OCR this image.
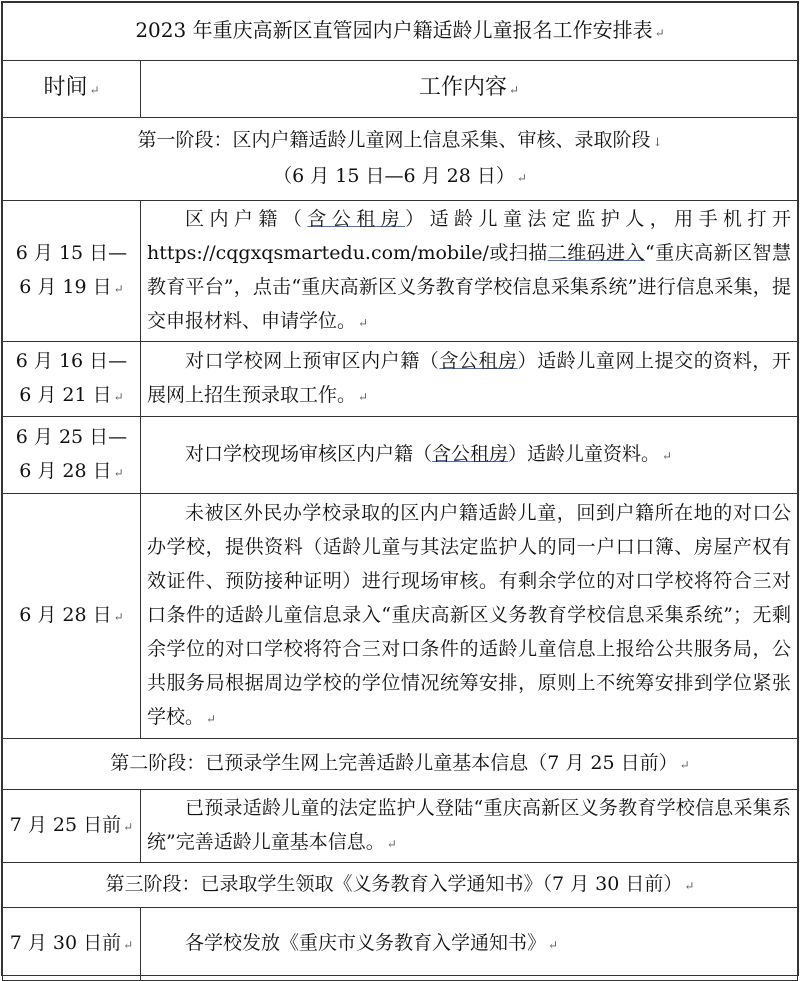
2023 年重庆高新区直管园内户籍适龄儿童报名工作安排表 ↵	
时间 ↵	工作内容 ↵

第一阶段：区内户籍适龄儿童网上信息采集、审核、录取阶段 ↓
（6 月 15 日—6 月 28 日） ↵	

6 月 15 日—
6 月 19 日 ↵	区内户籍（含公租房）适龄儿童法定监护人，用手机打开 https://cqgxqsmartedu.com/mobile/或扫描二维码进入“重庆高新区智慧教育平台”，点击“重庆高新区义务教育学校信息采集系统”进行信息采集，提交申报材料、申请学位。 ↵

6 月 16 日—
6 月 21 日 ↵	对口学校网上预审区内户籍（含公租房）适龄儿童网上提交的资料，开展网上招生预录取工作。 ↵

6 月 25 日—
6 月 28 日 ↵	对口学校现场审核区内户籍（含公租房）适龄儿童资料。 ↵
6 月 28 日 ↵	未被区外民办学校录取的区内户籍适龄儿童，回到户籍所在地的对口公办学校，提供资料（适龄儿童与其法定监护人的同一户口口簿、房屋产权有效证件、预防接种证明）进行现场审核。有剩余学位的对口学校将符合三对口条件的适龄儿童信息录入“重庆高新区义务教育学校信息采集系统”；无剩余学位的对口学校将符合三对口条件的适龄儿童信息上报给公共服务局，公共服务局根据周边学校的学位情况统筹安排，原则上不统筹安排到学位紧张学校。 ↵
第二阶段：已预录学生网上完善适龄儿童基本信息（7 月 25 日前） ↵	
7 月 25 日前 ↵	已预录适龄儿童的法定监护人登陆“重庆高新区义务教育学校信息采集系统”完善适龄儿童基本信息。 ↵
第三阶段：已录取学生领取《义务教育入学通知书》（7 月 30 日前） ↵	
7 月 30 日前 ↵	各学校发放《重庆市义务教育入学通知书》 ↵
